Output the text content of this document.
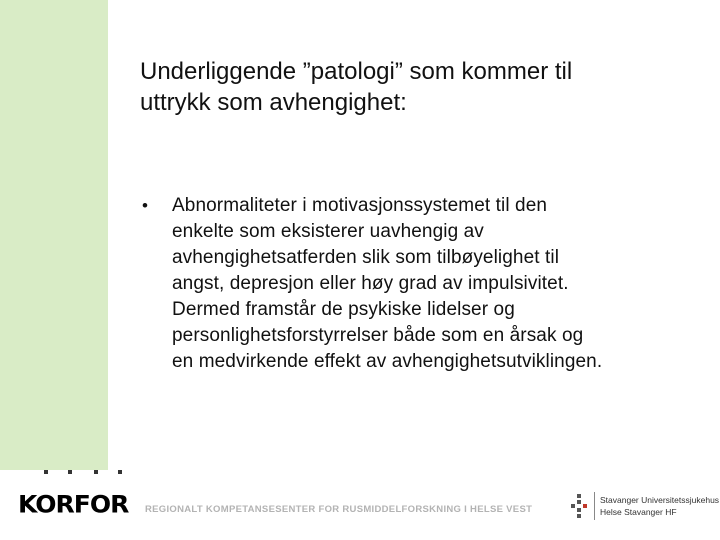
Underliggende ”patologi” som kommer til
uttrykk som avhengighet:
•	Abnormaliteter i motivasjonssystemet til den
enkelte som eksisterer uavhengig av
avhengighetsatferden slik som tilbøyelighet til
angst, depresjon eller høy grad av impulsivitet.
Dermed framstår de psykiske lidelser og
personlighetsforstyrrelser både som en årsak og
en medvirkende effekt av avhengighetsutviklingen.
KORFOR REGIONALT KOMPETANSESENTER FOR RUSMIDDELFORSKNING I HELSE VEST
Stavanger Universitetssjukehus
Helse Stavanger HF
